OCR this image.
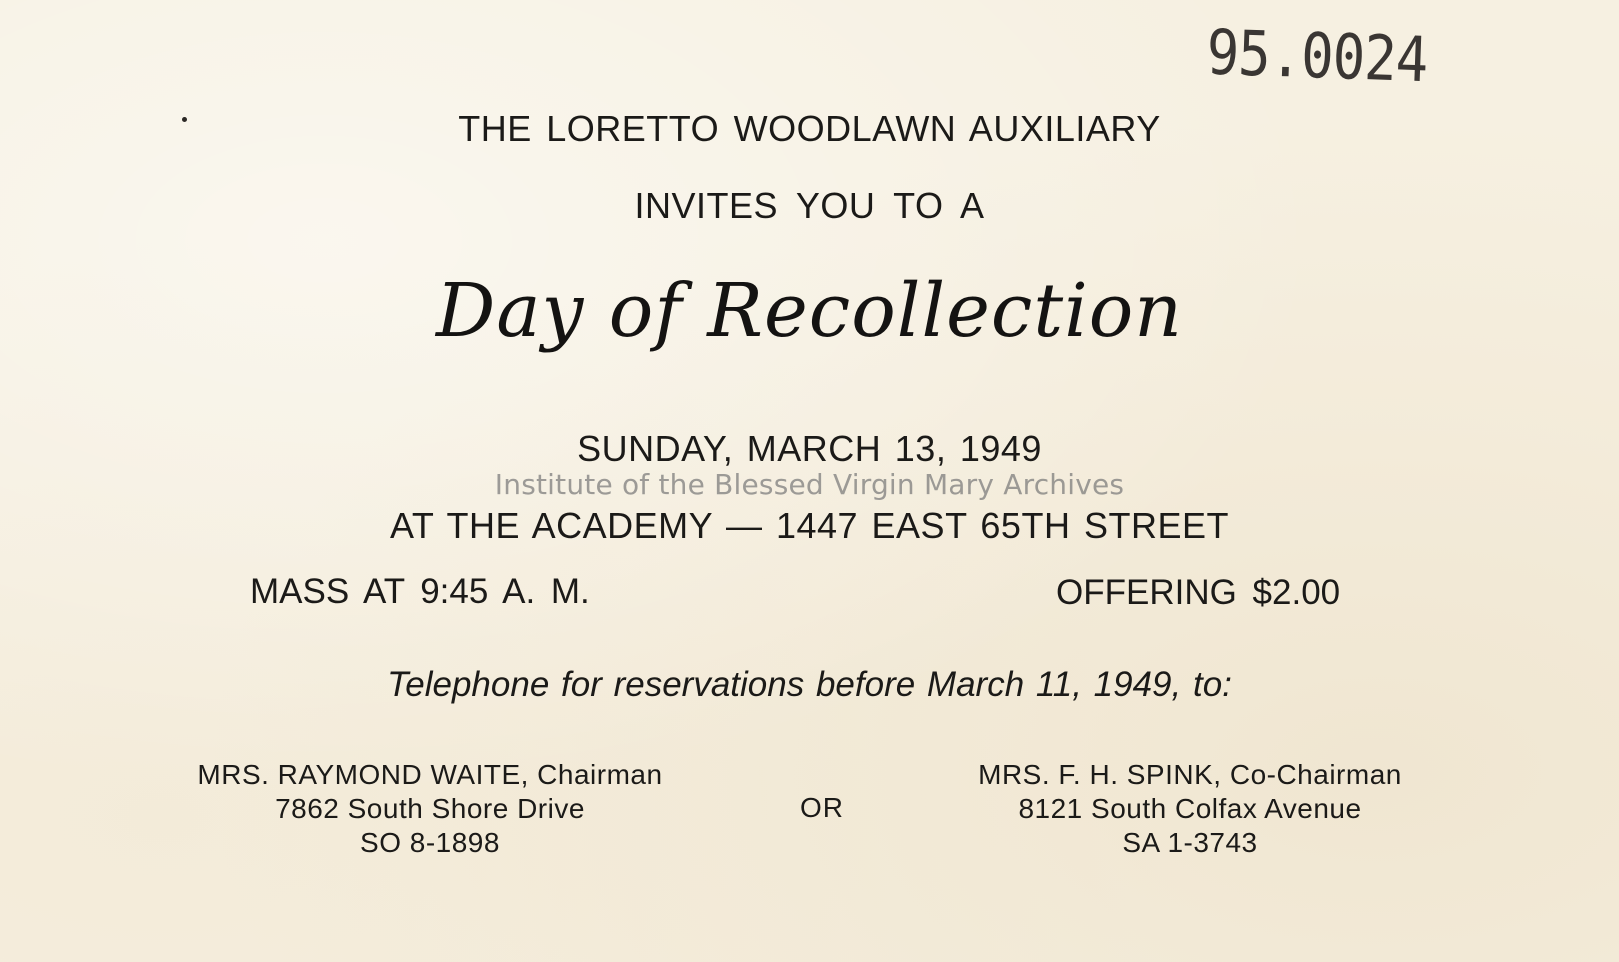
95.0024
THE LORETTO WOODLAWN AUXILIARY
INVITES YOU TO A
Day of Recollection
SUNDAY, MARCH 13, 1949
Institute of the Blessed Virgin Mary Archives
AT THE ACADEMY — 1447 EAST 65TH STREET
MASS AT 9:45 A. M.	OFFERING $2.00
Telephone for reservations before March 11, 1949, to:
MRS. RAYMOND WAITE, Chairman
7862 South Shore Drive
SO 8-1898
OR
MRS. F. H. SPINK, Co-Chairman
8121 South Colfax Avenue
SA 1-3743
